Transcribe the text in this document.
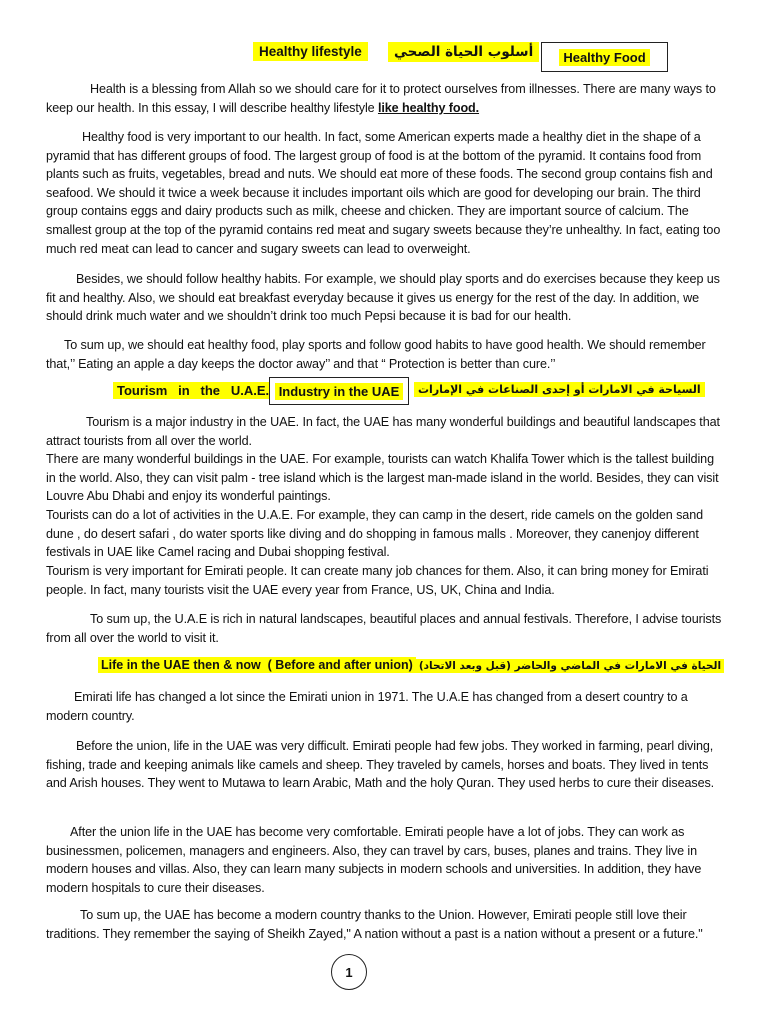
Healthy lifestyle	أسلوب الحياة الصحي	Healthy Food

Health is a blessing from Allah so we should care for it to protect ourselves from illnesses. There are many ways to keep our health. In this essay, I will describe healthy lifestyle like healthy food.

Healthy food is very important to our health. In fact, some American experts made a healthy diet in the shape of a pyramid that has different groups of food. The largest group of food is at the bottom of the pyramid. It contains food from plants such as fruits, vegetables, bread and nuts. We should eat more of these foods. The second group contains fish and seafood. We should it twice a week because it includes important oils which are good for developing our brain. The third group contains eggs and dairy products such as milk, cheese and chicken. They are important source of calcium. The smallest group at the top of the pyramid contains red meat and sugary sweets because they’re unhealthy. In fact, eating too much red meat can lead to cancer and sugary sweets can lead to overweight.

Besides, we should follow healthy habits. For example, we should play sports and do exercises because they keep us fit and healthy. Also, we should eat breakfast everyday because it gives us energy for the rest of the day. In addition, we should drink much water and we shouldn’t drink too much Pepsi because it is bad for our health.

To sum up, we should eat healthy food, play sports and follow good habits to have good health. We should remember that,’’ Eating an apple a day keeps the doctor away’’ and that “ Protection is better than cure.’’

Tourism   in   the   U.A.E. Industry in the UAE	السياحة في الامارات أو إحدى الصناعات في الإمارات

Tourism is a major industry in the UAE. In fact, the UAE has many wonderful buildings and beautiful landscapes that attract tourists from all over the world.

There are many wonderful buildings in the UAE. For example, tourists can watch Khalifa Tower which is the tallest building in the world. Also, they can visit palm - tree island which is the largest man-made island in the world. Besides, they can visit Louvre Abu Dhabi and enjoy its wonderful paintings.

Tourists can do a lot of activities in the U.A.E. For example, they can camp in the desert, ride camels on the golden sand dune , do desert safari , do water sports like diving and do shopping in famous malls . Moreover, they canenjoy different festivals in UAE like Camel racing and Dubai shopping festival.

Tourism is very important for Emirati people. It can create many job chances for them. Also, it can bring money for Emirati people. In fact, many tourists visit the UAE every year from France, US, UK, China and India.

To sum up, the U.A.E is rich in natural landscapes, beautiful places and annual festivals. Therefore, I advise tourists from all over the world to visit it.

Life in the UAE then & now  ( Before and after union) الحياة في الامارات في الماضي والحاضر (قبل وبعد الاتحاد)

Emirati life has changed a lot since the Emirati union in 1971. The U.A.E has changed from a desert country to a modern country.

Before the union, life in the UAE was very difficult. Emirati people had few jobs. They worked in farming, pearl diving, fishing, trade and keeping animals like camels and sheep. They traveled by camels, horses and boats. They lived in tents and Arish houses. They went to Mutawa to learn Arabic, Math and the holy Quran. They used herbs to cure their diseases.

After the union life in the UAE has become very comfortable. Emirati people have a lot of jobs. They can work as businessmen, policemen, managers and engineers. Also, they can travel by cars, buses, planes and trains. They live in modern houses and villas. Also, they can learn many subjects in modern schools and universities. In addition, they have modern hospitals to cure their diseases.

To sum up, the UAE has become a modern country thanks to the Union. However, Emirati people still love their traditions. They remember the saying of Sheikh Zayed," A nation without a past is a nation without a present or a future."

1
